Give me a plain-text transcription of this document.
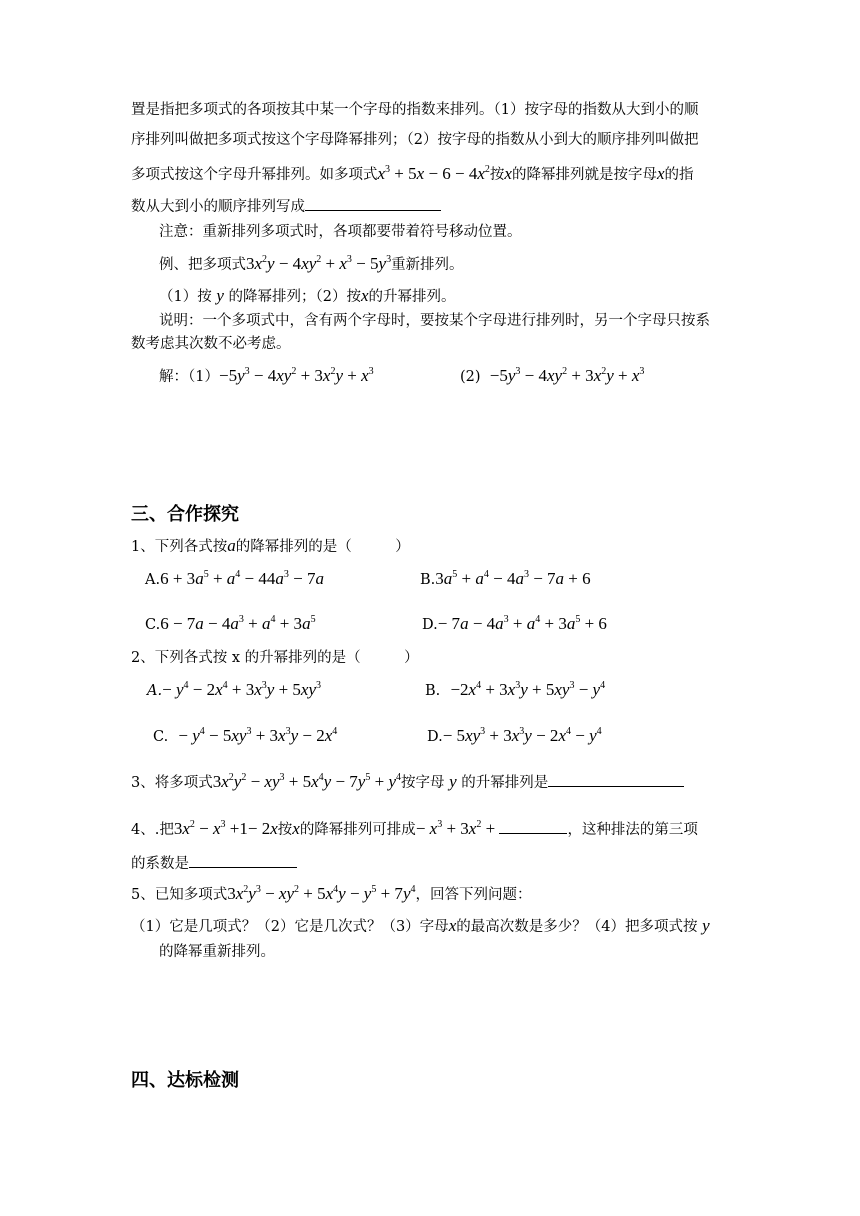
置是指把多项式的各项按其中某一个字母的指数来排列。（1）按字母的指数从大到小的顺
序排列叫做把多项式按这个字母降幂排列；（2）按字母的指数从小到大的顺序排列叫做把
多项式按这个字母升幂排列。如多项式$x^3 + 5x - 6 - 4x^2$按x的降幂排列就是按字母x的指
数从大到小的顺序排列写成
注意：重新排列多项式时，各项都要带着符号移动位置。
例、把多项式$3x^2y - 4xy^2 + x^3 - 5y^3$重新排列。
（1）按 y 的降幂排列；（2）按x的升幂排列。
说明：一个多项式中，含有两个字母时，要按某个字母进行排列时，另一个字母只按系
数考虑其次数不必考虑。
解：$(1)-5y^3 - 4xy^2 + 3x^2y + x^3$	$(2) -5y^3 - 4xy^2 + 3x^2y + x^3$
三、合作探究
1、下列各式按a的降幂排列的是（　　　）
$A.6 + 3a^5 + a^4 - 44a^3 - 7a$	$B.3a^5 + a^4 - 4a^3 - 7a + 6$
$C.6 - 7a - 4a^3 + a^4 + 3a^5$	$D.- 7a - 4a^3 + a^4 + 3a^5 + 6$
2、下列各式按 x 的升幂排列的是（　　　）
$A.- y^4 - 2x^4 + 3x^3y + 5xy^3$	B. $-2x^4 + 3x^3y + 5xy^3 - y^4$
C. − $y^4 - 5xy^3 + 3x^3y - 2x^4$	$D.- 5xy^3 + 3x^3y - 2x^4 - y^4$
3、将多项式$3x^2y^2 - xy^3 + 5x^4y - 7y^5 + y^4$按字母 y 的升幂排列是
4、.把$3x^2 - x^3 +1- 2x$按x的降幂排列可排成− $x^3 + 3x^2$ +	，这种排法的第三项
的系数是
5、已知多项式$3x^2y^3 - xy^2 + 5x^4y - y^5 + 7y^4$，回答下列问题：
（1）它是几项式？（2）它是几次式？（3）字母x的最高次数是多少？（4）把多项式按 y
的降幂重新排列。
四、达标检测
